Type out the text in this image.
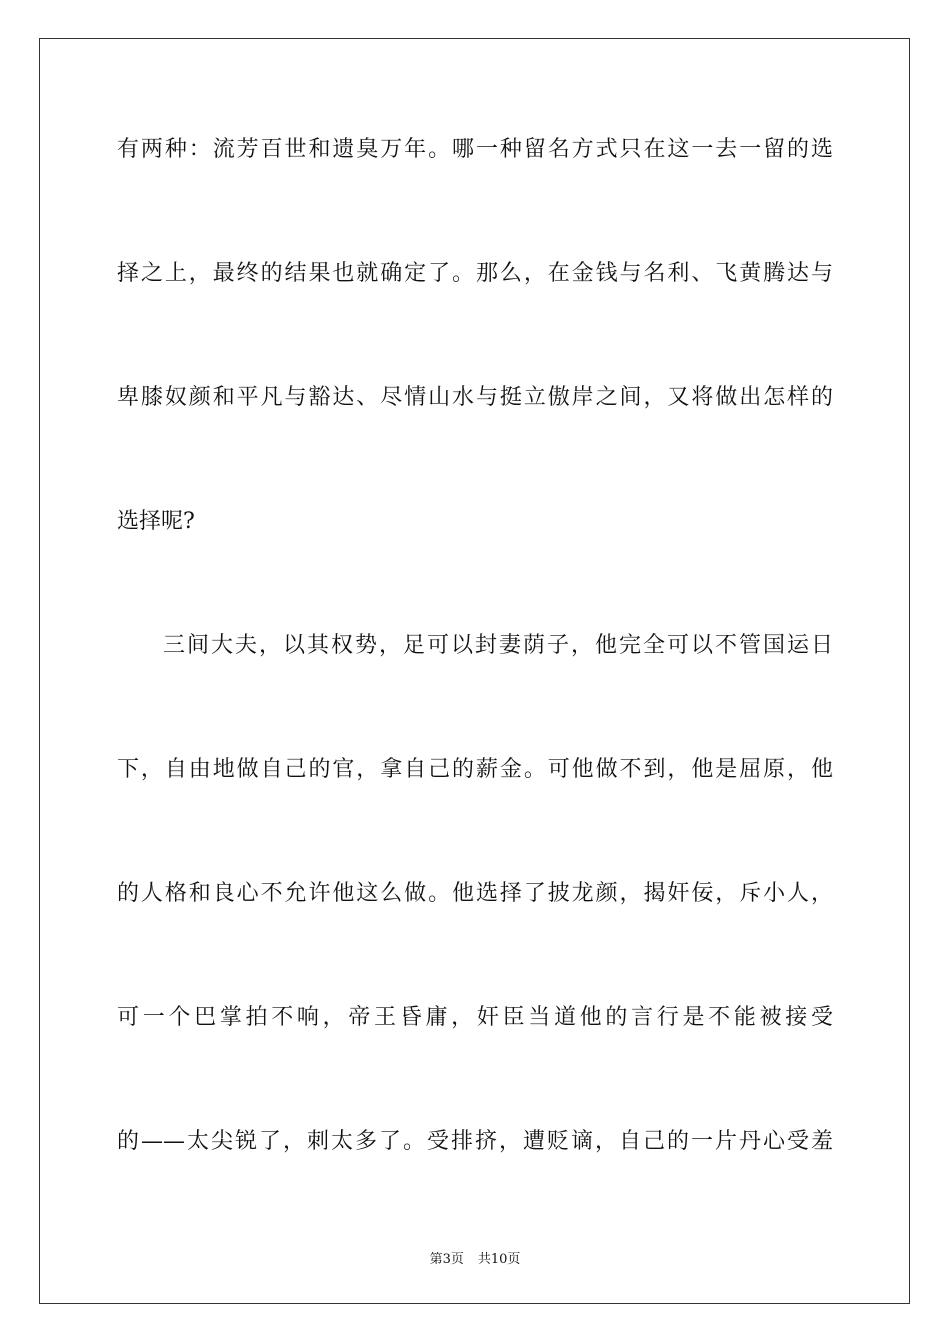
有两种：流芳百世和遗臭万年。哪一种留名方式只在这一去一留的选
择之上，最终的结果也就确定了。那么，在金钱与名利、飞黄腾达与
卑膝奴颜和平凡与豁达、尽情山水与挺立傲岸之间，又将做出怎样的
选择呢?
三间大夫，以其权势，足可以封妻荫子，他完全可以不管国运日
下，自由地做自己的官，拿自己的薪金。可他做不到，他是屈原，他
的人格和良心不允许他这么做。他选择了披龙颜，揭奸佞，斥小人，
可一个巴掌拍不响，帝王昏庸，奸臣当道他的言行是不能被接受
的——太尖锐了，刺太多了。受排挤，遭贬谪，自己的一片丹心受羞
第3页 共10页
